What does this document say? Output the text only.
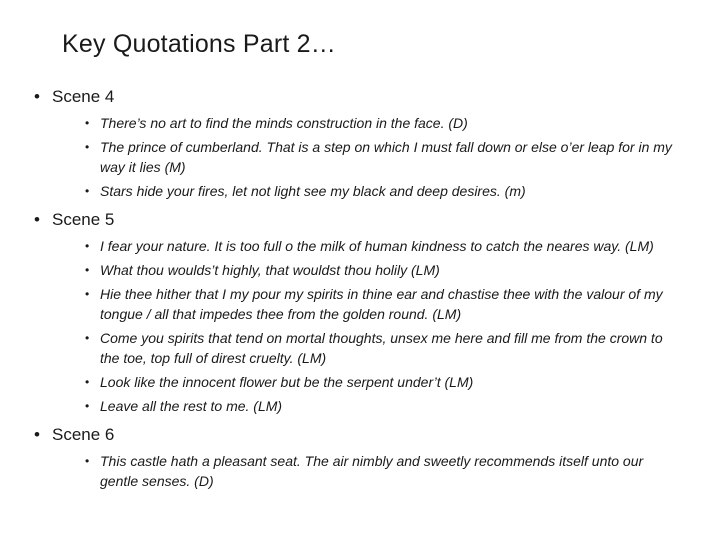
Key Quotations Part 2…
• Scene 4
• There’s no art to find the minds construction in the face. (D)
• The prince of cumberland. That is a step on which I must fall down or else o’er leap for in my way it lies (M)
• Stars hide your fires, let not light see my black and deep desires. (m)
• Scene 5
• I fear your nature. It is too full o the milk of human kindness to catch the neares way. (LM)
• What thou woulds’t highly, that wouldst thou holily (LM)
• Hie thee hither that I my pour my spirits in thine ear and chastise thee with the valour of my tongue / all that impedes thee from the golden round. (LM)
• Come you spirits that tend on mortal thoughts, unsex me here and fill me from the crown to the toe, top full of direst cruelty. (LM)
• Look like the innocent flower but be the serpent under’t (LM)
• Leave all the rest to me. (LM)
• Scene 6
• This castle hath a pleasant seat. The air nimbly and sweetly recommends itself unto our gentle senses. (D)
